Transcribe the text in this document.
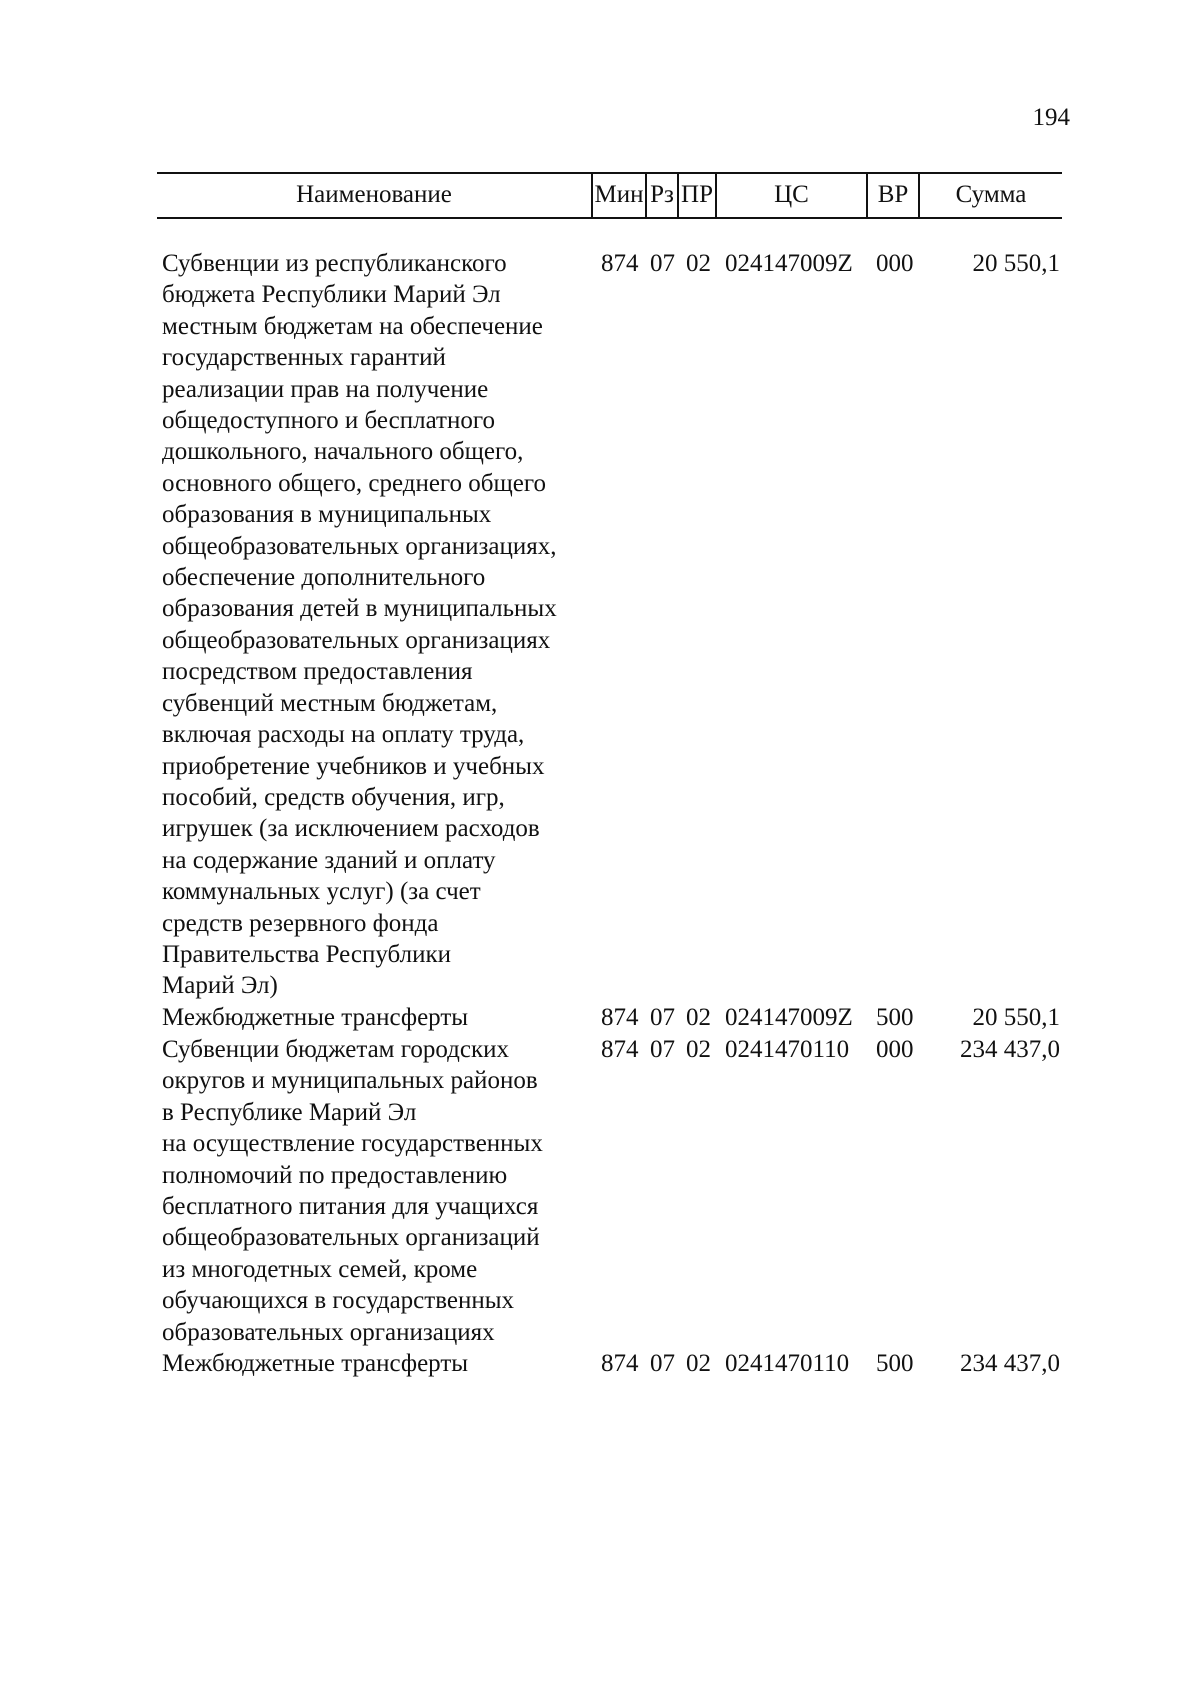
194
Наименование	Мин Рз ПР	ЦС	ВР	Сумма
Субвенции из республиканского
бюджета Республики Марий Эл
местным бюджетам на обеспечение
государственных гарантий
реализации прав на получение
общедоступного и бесплатного
дошкольного, начального общего,
основного общего, среднего общего
образования в муниципальных
общеобразовательных организациях,
обеспечение дополнительного
образования детей в муниципальных
общеобразовательных организациях
посредством предоставления
субвенций местным бюджетам,
включая расходы на оплату труда,
приобретение учебников и учебных
пособий, средств обучения, игр,
игрушек (за исключением расходов
на содержание зданий и оплату
коммунальных услуг) (за счет
средств резервного фонда
Правительства Республики
Марий Эл)
874 07 02 024147009Z 000	20 550,1
Межбюджетные трансферты	874 07 02 024147009Z 500	20 550,1
Субвенции бюджетам городских
округов и муниципальных районов
в Республике Марий Эл
на осуществление государственных
полномочий по предоставлению
бесплатного питания для учащихся
общеобразовательных организаций
из многодетных семей, кроме
обучающихся в государственных
образовательных организациях
874 07 02 0241470110 000	234 437,0
Межбюджетные трансферты	874 07 02 0241470110 500	234 437,0
